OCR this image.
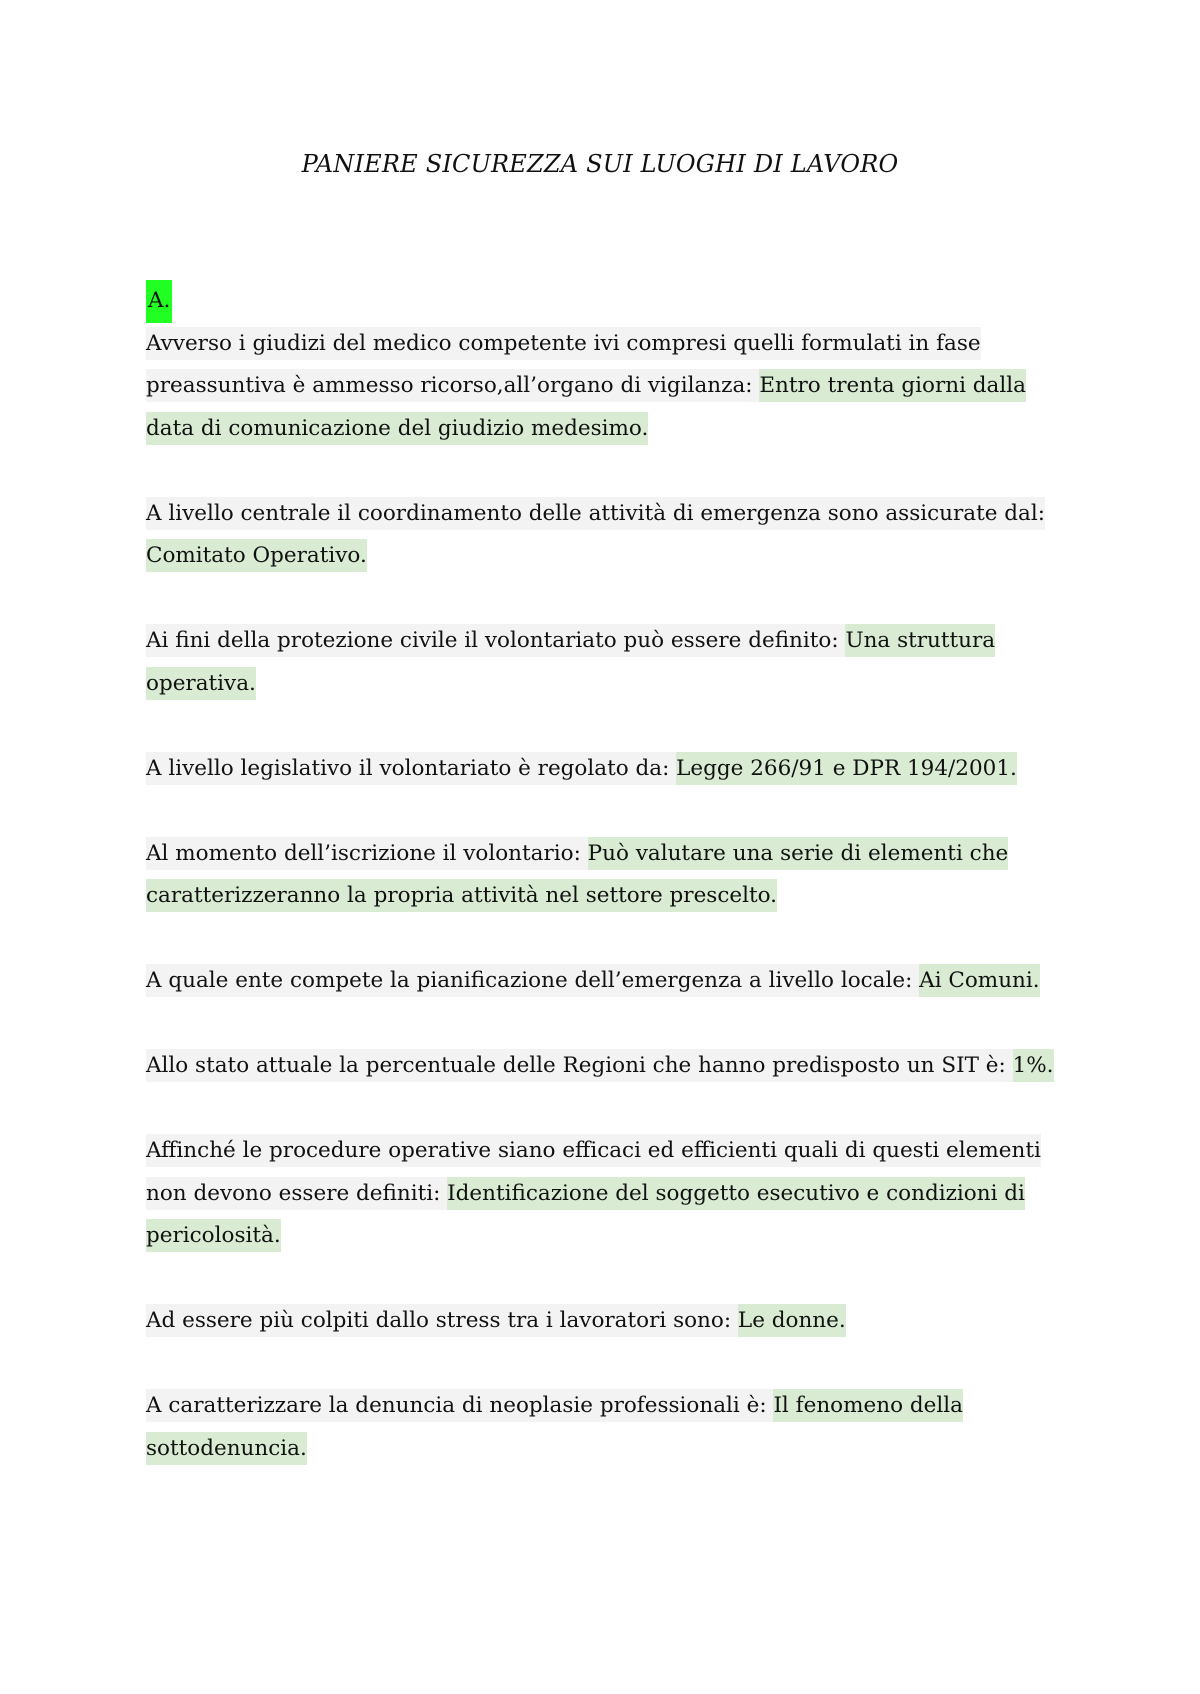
PANIERE SICUREZZA SUI LUOGHI DI LAVORO
A.
Avverso i giudizi del medico competente ivi compresi quelli formulati in fase preassuntiva è ammesso ricorso,all’organo di vigilanza: Entro trenta giorni dalla data di comunicazione del giudizio medesimo.
A livello centrale il coordinamento delle attività di emergenza sono assicurate dal: Comitato Operativo.
Ai fini della protezione civile il volontariato può essere definito: Una struttura operativa.
A livello legislativo il volontariato è regolato da: Legge 266/91 e DPR 194/2001.
Al momento dell’iscrizione il volontario: Può valutare una serie di elementi che caratterizzeranno la propria attività nel settore prescelto.
A quale ente compete la pianificazione dell’emergenza a livello locale: Ai Comuni.
Allo stato attuale la percentuale delle Regioni che hanno predisposto un SIT è: 1%.
Affinché le procedure operative siano efficaci ed efficienti quali di questi elementi non devono essere definiti: Identificazione del soggetto esecutivo e condizioni di pericolosità.
Ad essere più colpiti dallo stress tra i lavoratori sono: Le donne.
A caratterizzare la denuncia di neoplasie professionali è: Il fenomeno della sottodenuncia.
